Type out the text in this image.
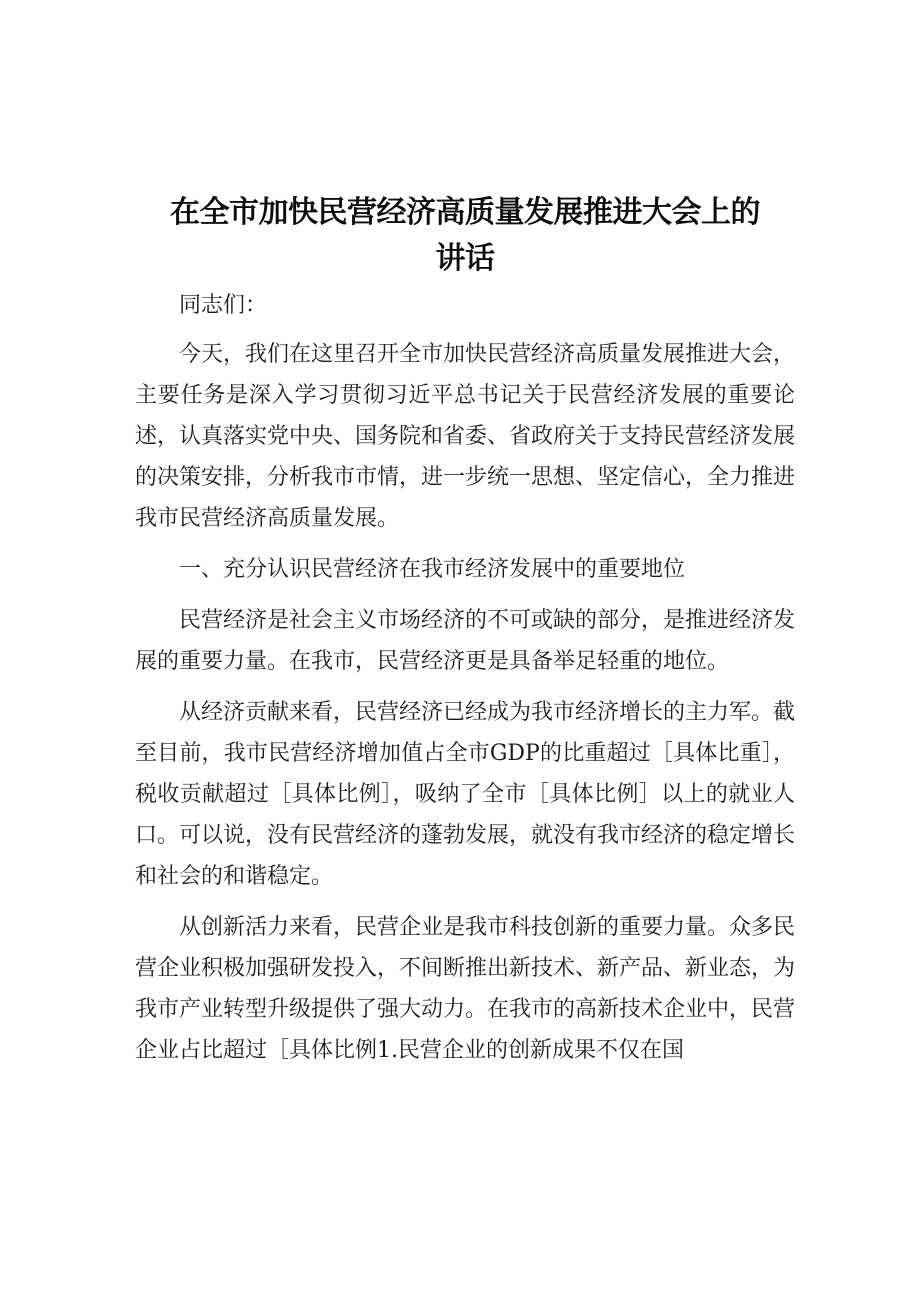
在全市加快民营经济高质量发展推进大会上的
讲话

同志们：

今天，我们在这里召开全市加快民营经济高质量发展推进大会，主要任务是深入学习贯彻习近平总书记关于民营经济发展的重要论述，认真落实党中央、国务院和省委、省政府关于支持民营经济发展的决策安排，分析我市市情，进一步统一思想、坚定信心，全力推进我市民营经济高质量发展。

一、充分认识民营经济在我市经济发展中的重要地位

民营经济是社会主义市场经济的不可或缺的部分，是推进经济发展的重要力量。在我市，民营经济更是具备举足轻重的地位。

从经济贡献来看，民营经济已经成为我市经济增长的主力军。截至目前，我市民营经济增加值占全市GDP的比重超过［具体比重］，税收贡献超过［具体比例］，吸纳了全市［具体比例］以上的就业人口。可以说，没有民营经济的蓬勃发展，就没有我市经济的稳定增长和社会的和谐稳定。

从创新活力来看，民营企业是我市科技创新的重要力量。众多民营企业积极加强研发投入，不间断推出新技术、新产品、新业态，为我市产业转型升级提供了强大动力。在我市的高新技术企业中，民营企业占比超过［具体比例1.民营企业的创新成果不仅在国
